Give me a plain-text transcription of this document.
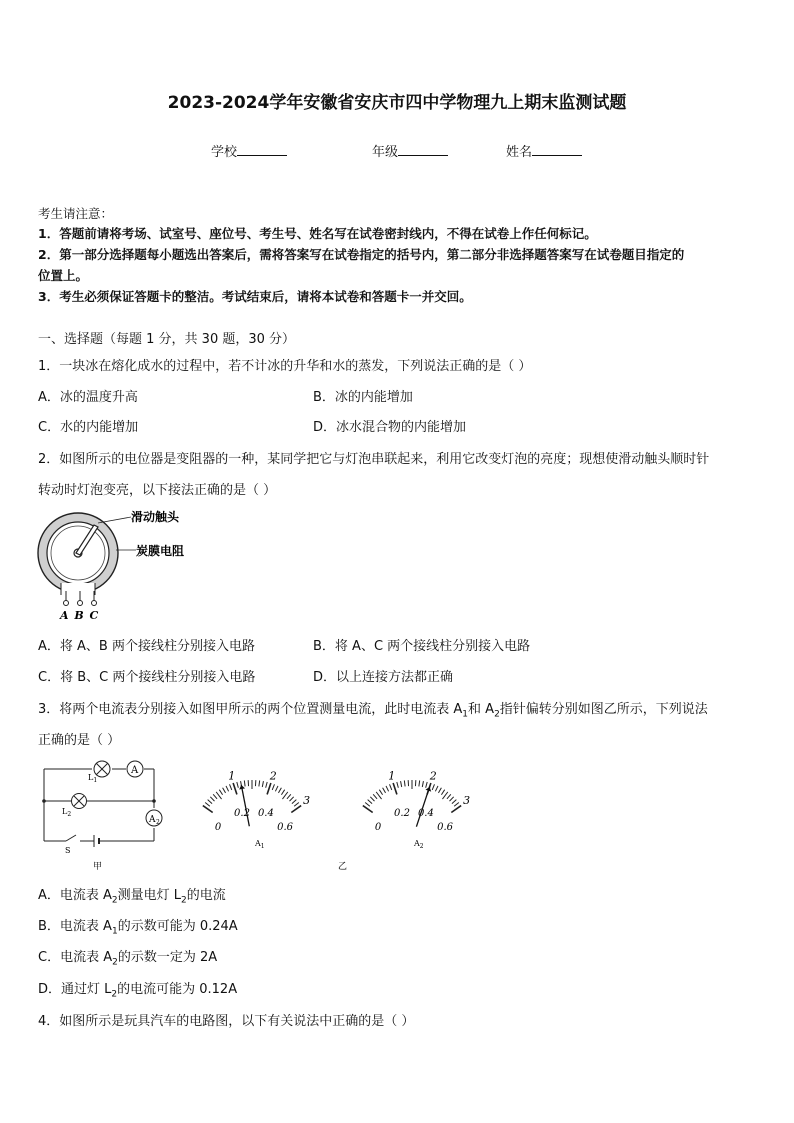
2023-2024学年安徽省安庆市四中学物理九上期末监测试题
学校	年级	姓名
考生请注意：
1．答题前请将考场、试室号、座位号、考生号、姓名写在试卷密封线内，不得在试卷上作任何标记。
2．第一部分选择题每小题选出答案后，需将答案写在试卷指定的括号内，第二部分非选择题答案写在试卷题目指定的
位置上。
3．考生必须保证答题卡的整洁。考试结束后，请将本试卷和答题卡一并交回。
一、选择题（每题 1 分，共 30 题，30 分）
1．一块冰在熔化成水的过程中，若不计冰的升华和水的蒸发，下列说法正确的是（ ）
A．冰的温度升高	B．冰的内能增加
C．水的内能增加	D．冰水混合物的内能增加
2．如图所示的电位器是变阻器的一种，某同学把它与灯泡串联起来，利用它改变灯泡的亮度；现想使滑动触头顺时针
转动时灯泡变亮，以下接法正确的是（ ）
滑动触头
炭膜电阻
A B C
A．将 A、B 两个接线柱分别接入电路	B．将 A、C 两个接线柱分别接入电路
C．将 B、C 两个接线柱分别接入电路	D．以上连接方法都正确
3．将两个电流表分别接入如图甲所示的两个位置测量电流，此时电流表 $A_1$和 $A_2$指针偏转分别如图乙所示，下列说法
正确的是（ ）
A
A 2
$L_1$
$L_2$
S
甲
1	2
3
0
0.2 0.4
0.6
1	2
3
0
0.2 0.4
0.6
$A_1$	$A_2$
乙
A．电流表 $A_2$测量电灯 $L_2$的电流
B．电流表 $A_1$的示数可能为 0.24A
C．电流表 $A_2$的示数一定为 2A
D．通过灯 $L_2$的电流可能为 0.12A
4．如图所示是玩具汽车的电路图，以下有关说法中正确的是（ ）
